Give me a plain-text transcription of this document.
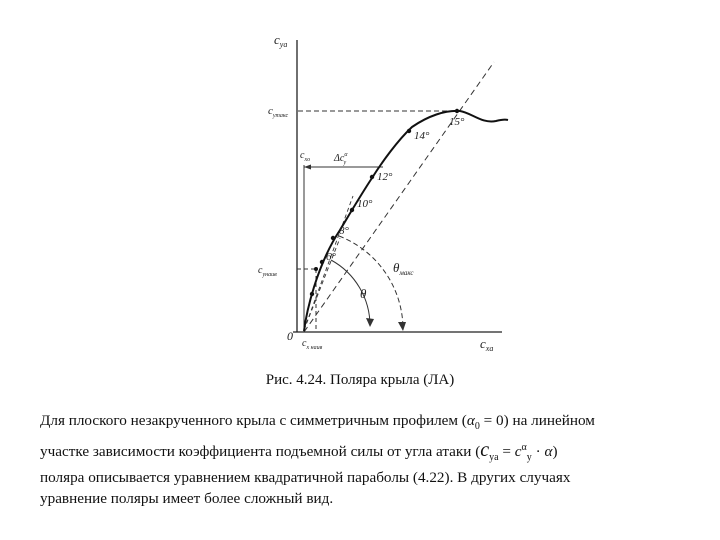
$c_{ya}$
$c_{xa}$
0
$c_{ymакс}$
$c_{xo}$ $\Delta c^\alpha$ y
$c_{yнаив}$
$c_{x наив}$
θ
$\theta_{макс}$
6°
8°
10°
12°
14°
15°
Рис. 4.24. Поляра крыла (ЛА)
Для плоского незакрученного крыла с симметричным профилем $(\alpha_0 = 0)$ на линейном
участке зависимости коэффициента подъемной силы от угла атаки $(c_{ya} = c^\alpha_y \cdot \alpha)$
поляра описывается уравнением квадратичной параболы (4.22). В других случаях
уравнение поляры имеет более сложный вид.
